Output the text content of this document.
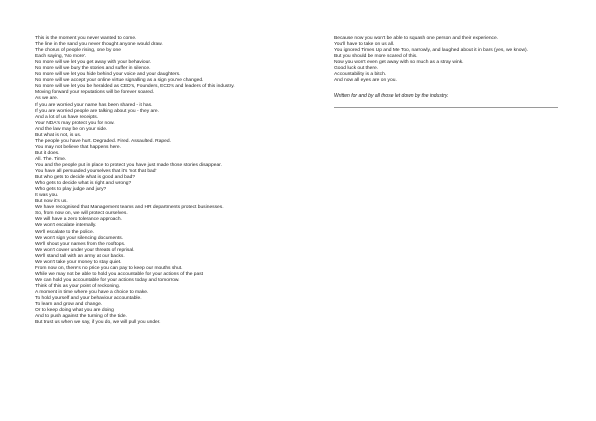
This is the moment you never wanted to come.
The line in the sand you never thought anyone would draw.
The chorus of people rising, one by one
Each saying, 'No more'.
No more will we let you get away with your behaviour.
No more will we bury the stories and suffer in silence.
No more will we let you hide behind your voice and your daughters.
No more will we accept your online virtue signalling as a sign you've changed.
No more will we let you be heralded as CED's, Founders, ECD's and leaders of this industry.
Moving forward your reputations will be forever soared.
As we are.
If you are worried your name has been shared - it has.
If you are worried people are talking about you - they are.
And a lot of us have receipts.
Your NDA's may protect you for now.
And the law may be on your side.
But what is not, is us.
The people you have hurt. Degraded. Fired. Assaulted. Raped.
You may not believe that happens here.
But it does.
All. The. Time.
You and the people put in place to protect you have just made those stories disappear.
You have all persuaded yourselves that it's 'not that bad'
But who gets to decide what is good and bad?
Who gets to decide what is right and wrong?
Who gets to play judge and jury?
It was you.
But now it's us.
We have recognised that Management teams and HR departments protect businesses.
So, from now on, we will protect ourselves.
We will have a zero tolerance approach.
We won't escalate internally.
We'll escalate to the police.
We won't sign your silencing documents.
We'll shout your names from the rooftops.
We won't cower under your threats of reprisal.
We'll stand tall with an army at our backs.
We won't take your money to stay quiet.
From now on, there's no price you can pay to keep our mouths shut.
While we may not be able to hold you accountable for your actions of the past
We can hold you accountable for your actions today and tomorrow.
Think of this as your point of reckoning.
A moment in time where you have a choice to make.
To hold yourself and your behaviour accountable.
To learn and grow and change.
Or to keep doing what you are doing
And to push against the turning of the tide.
But trust us when we say, if you do, we will pull you under.
Because now you won't be able to squash one person and their experience.
You'll have to take on us all.
You ignored Times Up and Me Too, narrowly, and laughed about it in bars (yes, we know).
But you should be more scared of this.
Now you won't even get away with so much as a stray wink.
Good luck out there.
Accountability is a bitch.
And now all eyes are on you.
Written for and by all those let down by the industry.
